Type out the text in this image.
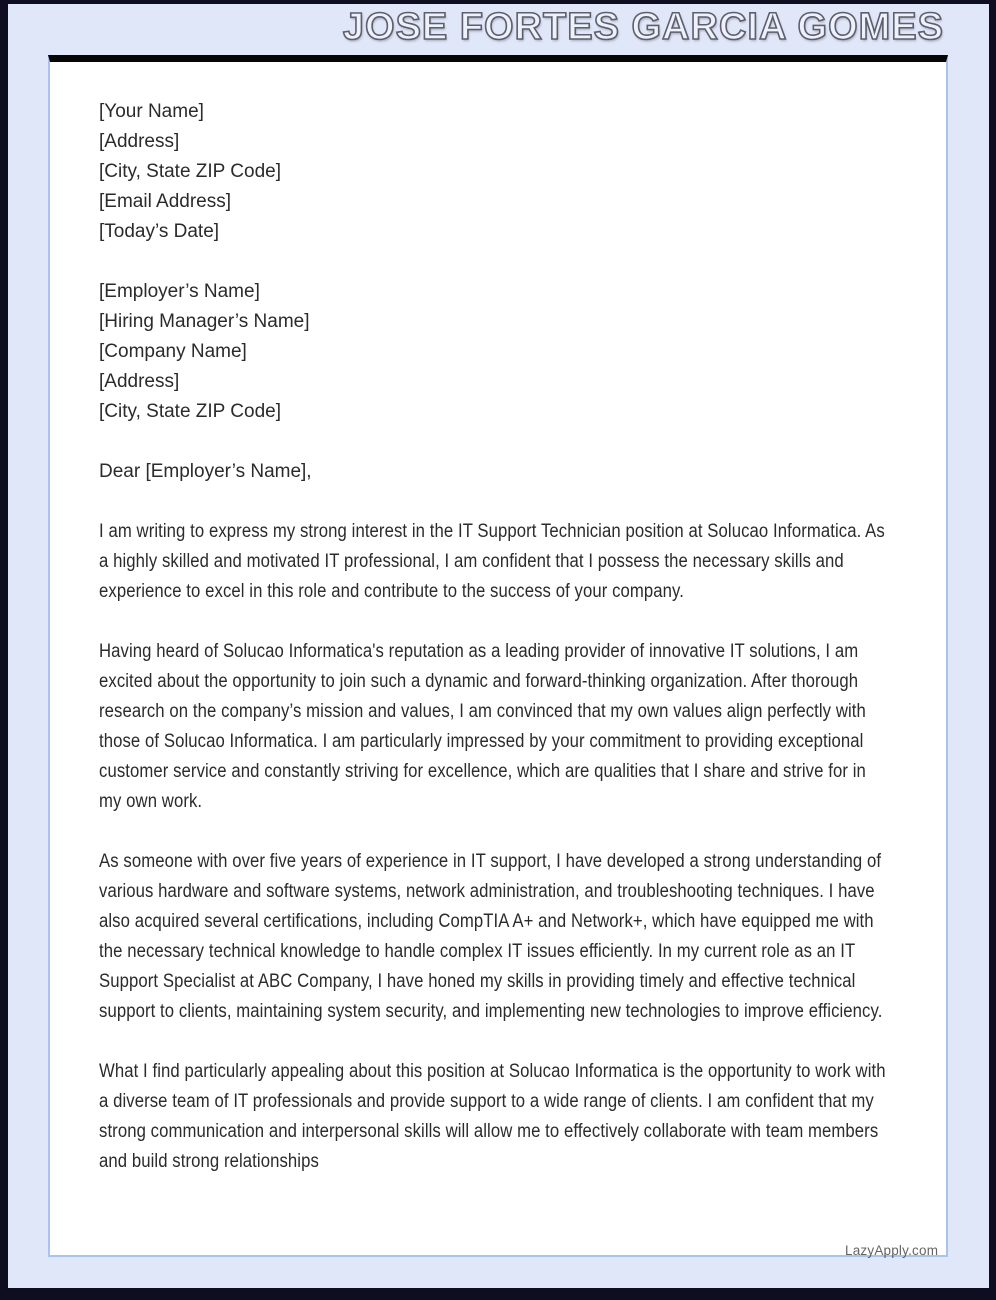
JOSE FORTES GARCIA GOMES
[Your Name]
[Address]
[City, State ZIP Code]
[Email Address]
[Today’s Date]
[Employer’s Name]
[Hiring Manager’s Name]
[Company Name]
[Address]
[City, State ZIP Code]
Dear [Employer’s Name],

I am writing to express my strong interest in the IT Support Technician position at Solucao Informatica. As a highly skilled and motivated IT professional, I am confident that I possess the necessary skills and experience to excel in this role and contribute to the success of your company.

Having heard of Solucao Informatica's reputation as a leading provider of innovative IT solutions, I am excited about the opportunity to join such a dynamic and forward-thinking organization. After thorough research on the company’s mission and values, I am convinced that my own values align perfectly with those of Solucao Informatica. I am particularly impressed by your commitment to providing exceptional customer service and constantly striving for excellence, which are qualities that I share and strive for in my own work.

As someone with over five years of experience in IT support, I have developed a strong understanding of various hardware and software systems, network administration, and troubleshooting techniques. I have also acquired several certifications, including CompTIA A+ and Network+, which have equipped me with the necessary technical knowledge to handle complex IT issues efficiently. In my current role as an IT Support Specialist at ABC Company, I have honed my skills in providing timely and effective technical support to clients, maintaining system security, and implementing new technologies to improve efficiency.

What I find particularly appealing about this position at Solucao Informatica is the opportunity to work with a diverse team of IT professionals and provide support to a wide range of clients. I am confident that my strong communication and interpersonal skills will allow me to effectively collaborate with team members and build strong relationships

LazyApply.com
